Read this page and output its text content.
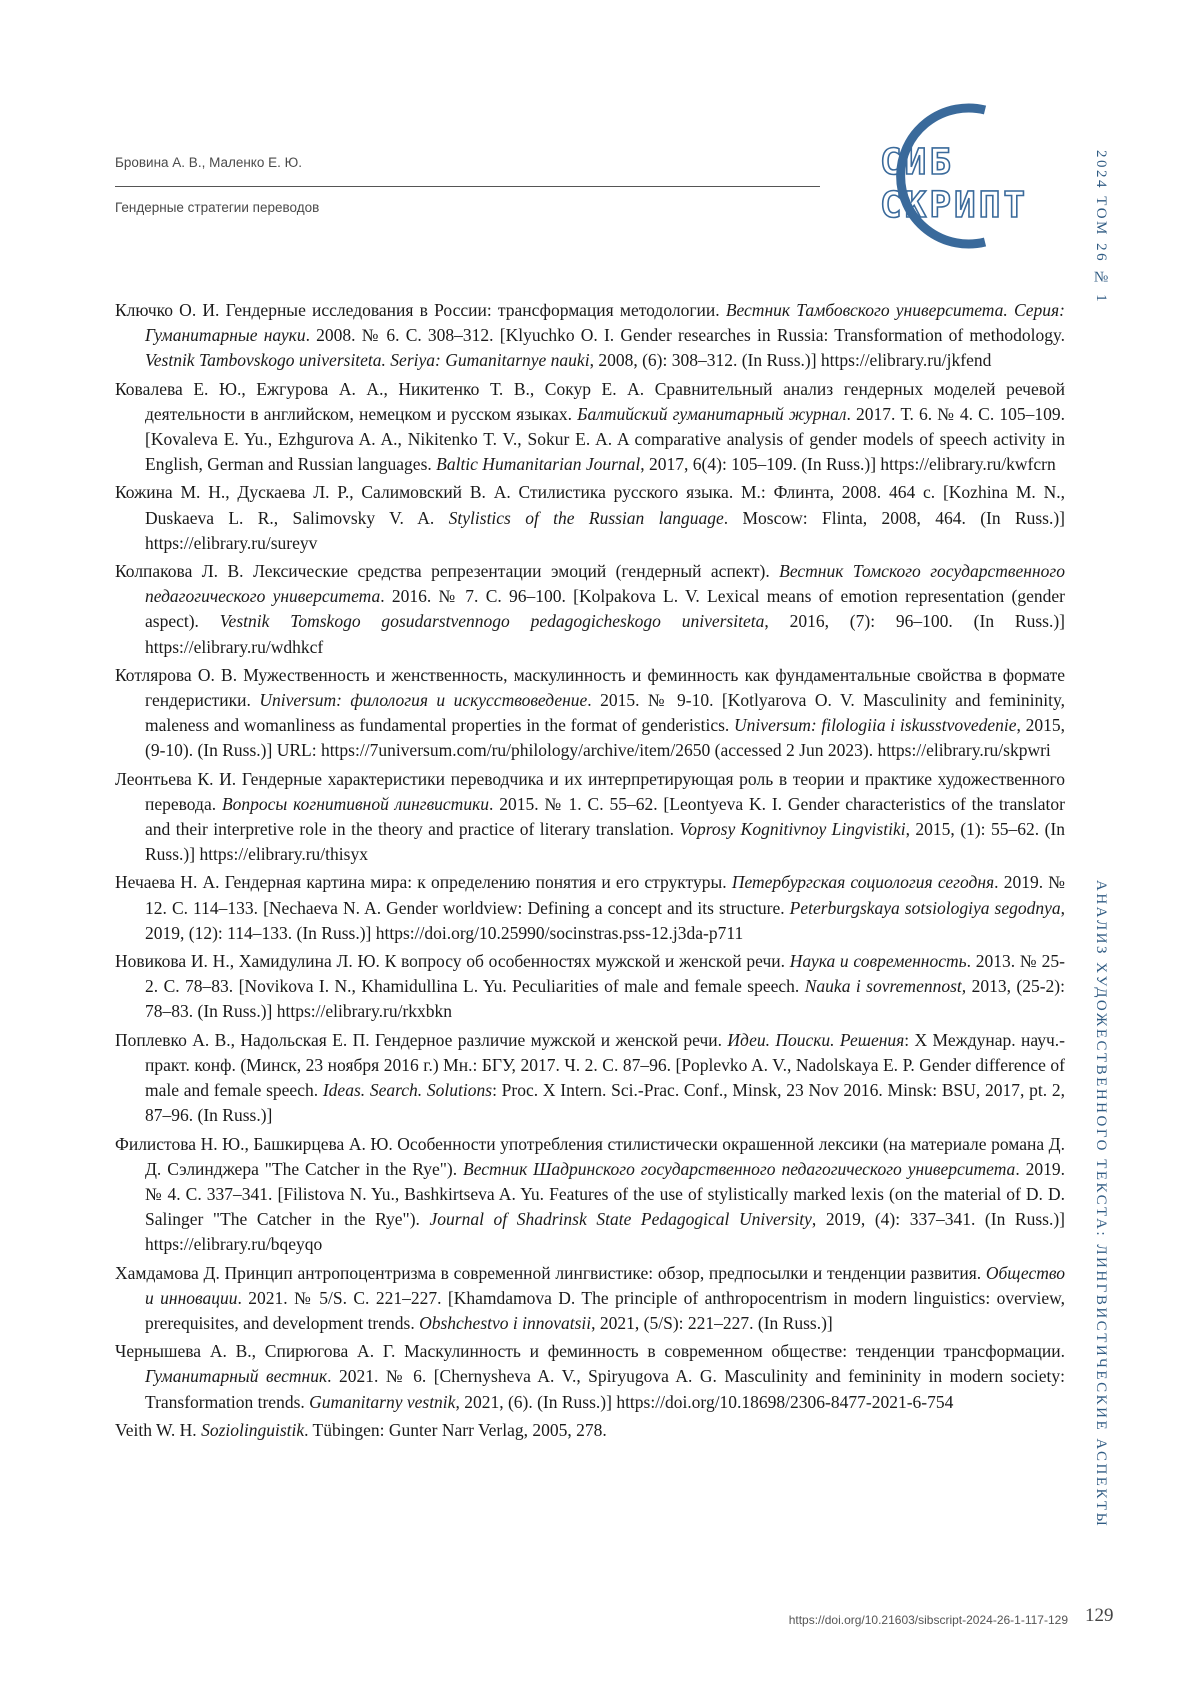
Бровина А. В., Маленко Е. Ю.
Гендерные стратегии переводов
СИБ
СКРИПТ	2024 ТОМ 26 № 1
АНАЛИЗ ХУДОЖЕСТВЕННОГО ТЕКСТА: ЛИНГВИСТИЧЕСКИЕ АСПЕКТЫ

Ключко О. И. Гендерные исследования в России: трансформация методологии. Вестник Тамбовского университета. Серия: Гуманитарные науки. 2008. № 6. С. 308–312. [Klyuchko O. I. Gender researches in Russia: Transformation of methodology. Vestnik Tambovskogo universiteta. Seriya: Gumanitarnye nauki, 2008, (6): 308–312. (In Russ.)] https://elibrary.ru/jkfend

Ковалева Е. Ю., Ежгурова А. А., Никитенко Т. В., Сокур Е. А. Сравнительный анализ гендерных моделей речевой деятельности в английском, немецком и русском языках. Балтийский гуманитарный журнал. 2017. Т. 6. № 4. С. 105–109. [Kovaleva E. Yu., Ezhgurova A. A., Nikitenko T. V., Sokur E. A. A comparative analysis of gender models of speech activity in English, German and Russian languages. Baltic Humanitarian Journal, 2017, 6(4): 105–109. (In Russ.)] https://elibrary.ru/kwfcrn

Кожина М. Н., Дускаева Л. Р., Салимовский В. А. Стилистика русского языка. М.: Флинта, 2008. 464 с. [Kozhina M. N., Duskaeva L. R., Salimovsky V. A. Stylistics of the Russian language. Moscow: Flinta, 2008, 464. (In Russ.)] https://elibrary.ru/sureyv

Колпакова Л. В. Лексические средства репрезентации эмоций (гендерный аспект). Вестник Томского государственного педагогического университета. 2016. № 7. С. 96–100. [Kolpakova L. V. Lexical means of emotion representation (gender aspect). Vestnik Tomskogo gosudarstvennogo pedagogicheskogo universiteta, 2016, (7): 96–100. (In Russ.)] https://elibrary.ru/wdhkcf

Котлярова О. В. Мужественность и женственность, маскулинность и феминность как фундаментальные свойства в формате гендеристики. Universum: филология и искусствоведение. 2015. № 9-10. [Kotlyarova O. V. Masculinity and femininity, maleness and womanliness as fundamental properties in the format of genderistics. Universum: filologiia i iskusstvovedenie, 2015, (9-10). (In Russ.)] URL: https://7universum.com/ru/philology/archive/item/2650 (accessed 2 Jun 2023). https://elibrary.ru/skpwri

Леонтьева К. И. Гендерные характеристики переводчика и их интерпретирующая роль в теории и практике художественного перевода. Вопросы когнитивной лингвистики. 2015. № 1. С. 55–62. [Leontyeva K. I. Gender characteristics of the translator and their interpretive role in the theory and practice of literary translation. Voprosy Kognitivnoy Lingvistiki, 2015, (1): 55–62. (In Russ.)] https://elibrary.ru/thisyx

Нечаева Н. А. Гендерная картина мира: к определению понятия и его структуры. Петербургская социология сегодня. 2019. № 12. С. 114–133. [Nechaeva N. A. Gender worldview: Defining a concept and its structure. Peterburgskaya sotsiologiya segodnya, 2019, (12): 114–133. (In Russ.)] https://doi.org/10.25990/socinstras.pss-12.j3da-p711

Новикова И. Н., Хамидулина Л. Ю. К вопросу об особенностях мужской и женской речи. Наука и современность. 2013. № 25-2. С. 78–83. [Novikova I. N., Khamidullina L. Yu. Peculiarities of male and female speech. Nauka i sovremennost, 2013, (25-2): 78–83. (In Russ.)] https://elibrary.ru/rkxbkn

Поплевко А. В., Надольская Е. П. Гендерное различие мужской и женской речи. Идеи. Поиски. Решения: X Междунар. науч.-практ. конф. (Минск, 23 ноября 2016 г.) Мн.: БГУ, 2017. Ч. 2. С. 87–96. [Poplevko A. V., Nadolskaya E. P. Gender difference of male and female speech. Ideas. Search. Solutions: Proc. X Intern. Sci.-Prac. Conf., Minsk, 23 Nov 2016. Minsk: BSU, 2017, pt. 2, 87–96. (In Russ.)]

Филистова Н. Ю., Башкирцева А. Ю. Особенности употребления стилистически окрашенной лексики (на материале романа Д. Д. Сэлинджера "The Catcher in the Rye"). Вестник Шадринского государственного педагогического университета. 2019. № 4. С. 337–341. [Filistova N. Yu., Bashkirtseva A. Yu. Features of the use of stylistically marked lexis (on the material of D. D. Salinger "The Catcher in the Rye"). Journal of Shadrinsk State Pedagogical University, 2019, (4): 337–341. (In Russ.)] https://elibrary.ru/bqeyqo

Хамдамова Д. Принцип антропоцентризма в современной лингвистике: обзор, предпосылки и тенденции развития. Общество и инновации. 2021. № 5/S. С. 221–227. [Khamdamova D. The principle of anthropocentrism in modern linguistics: overview, prerequisites, and development trends. Obshchestvo i innovatsii, 2021, (5/S): 221–227. (In Russ.)]

Чернышева А. В., Спирюгова А. Г. Маскулинность и феминность в современном обществе: тенденции трансформации. Гуманитарный вестник. 2021. № 6. [Chernysheva A. V., Spiryugova A. G. Masculinity and femininity in modern society: Transformation trends. Gumanitarny vestnik, 2021, (6). (In Russ.)] https://doi.org/10.18698/2306-8477-2021-6-754

Veith W. H. Soziolinguistik. Tübingen: Gunter Narr Verlag, 2005, 278.

https://doi.org/10.21603/sibscript-2024-26-1-117-129 129
